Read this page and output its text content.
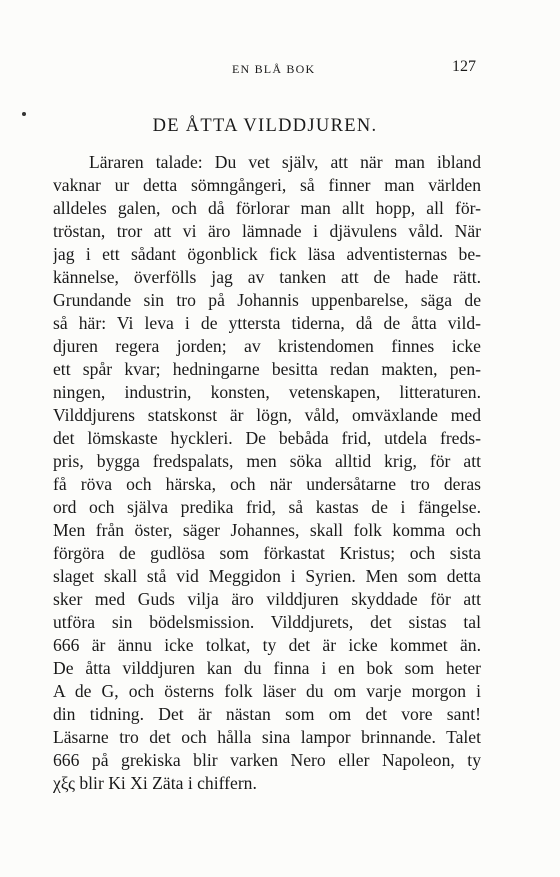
EN BLÅ BOK	127
DE ÅTTA VILDDJUREN.
Läraren talade: Du vet själv, att när man ibland
vaknar ur detta sömngångeri, så finner man världen
alldeles galen, och då förlorar man allt hopp, all för-
tröstan, tror att vi äro lämnade i djävulens våld. När
jag i ett sådant ögonblick fick läsa adventisternas be-
kännelse, överfölls jag av tanken att de hade rätt.
Grundande sin tro på Johannis uppenbarelse, säga de
så här: Vi leva i de yttersta tiderna, då de åtta vild-
djuren regera jorden; av kristendomen finnes icke
ett spår kvar; hedningarne besitta redan makten, pen-
ningen, industrin, konsten, vetenskapen, litteraturen.
Vilddjurens statskonst är lögn, våld, omväxlande med
det lömskaste hyckleri. De bebåda frid, utdela freds-
pris, bygga fredspalats, men söka alltid krig, för att
få röva och härska, och när undersåtarne tro deras
ord och själva predika frid, så kastas de i fängelse.
Men från öster, säger Johannes, skall folk komma och
förgöra de gudlösa som förkastat Kristus; och sista
slaget skall stå vid Meggidon i Syrien. Men som detta
sker med Guds vilja äro vilddjuren skyddade för att
utföra sin bödelsmission. Vilddjurets, det sistas tal
666 är ännu icke tolkat, ty det är icke kommet än.
De åtta vilddjuren kan du finna i en bok som heter
A de G, och österns folk läser du om varje morgon i
din tidning. Det är nästan som om det vore sant!
Läsarne tro det och hålla sina lampor brinnande. Talet
666 på grekiska blir varken Nero eller Napoleon, ty
χξς blir Ki Xi Zäta i chiffern.
